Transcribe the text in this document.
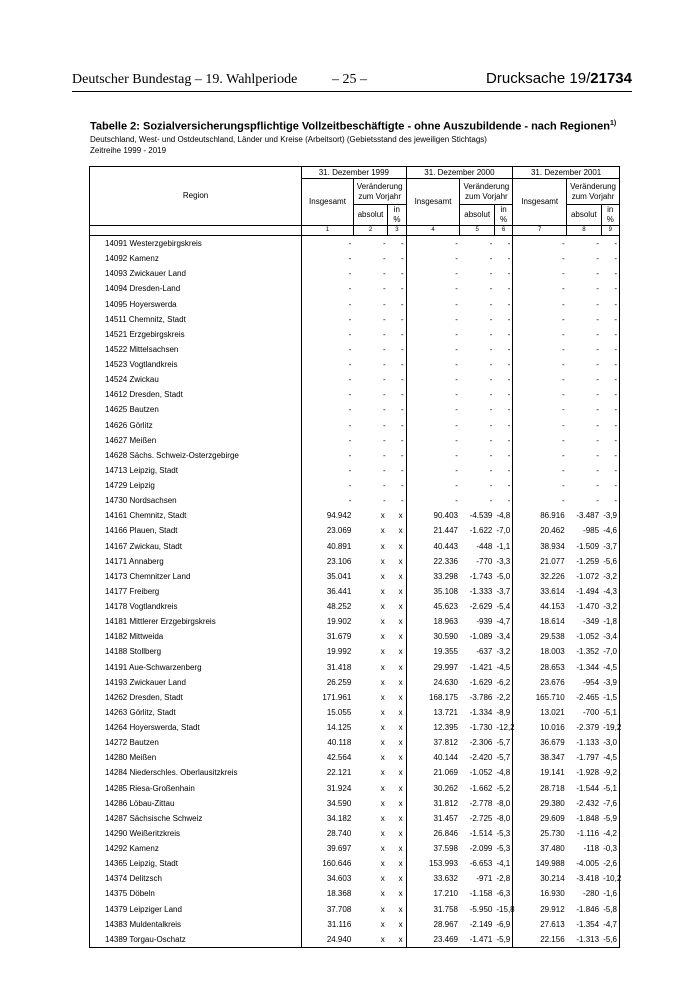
Deutscher Bundestag – 19. Wahlperiode – 25 –	Drucksache 19/21734

Tabelle 2: Sozialversicherungspflichtige Vollzeitbeschäftigte - ohne Auszubildende - nach Regionen$^{1)}$

Deutschland, West- und Ostdeutschland, Länder und Kreise (Arbeitsort) (Gebietsstand des jeweiligen Stichtags)

Zeitreihe 1999 - 2019

Region	31. Dezember 1999			31. Dezember 2000			31. Dezember 2001		
	Insgesamt	Veränderung zum Vorjahr		Insgesamt	Veränderung zum Vorjahr		Insgesamt	Veränderung zum Vorjahr	
		absolut	in %		absolut	in %		absolut	in %
	1	2	3	4	5	6	7	8	9
14091 Westerzgebirgskreis	-	-	-	-	-	-	-	-	-
14092 Kamenz	-	-	-	-	-	-	-	-	-
14093 Zwickauer Land	-	-	-	-	-	-	-	-	-
14094 Dresden-Land	-	-	-	-	-	-	-	-	-
14095 Hoyerswerda	-	-	-	-	-	-	-	-	-
14511 Chemnitz, Stadt	-	-	-	-	-	-	-	-	-
14521 Erzgebirgskreis	-	-	-	-	-	-	-	-	-
14522 Mittelsachsen	-	-	-	-	-	-	-	-	-
14523 Vogtlandkreis	-	-	-	-	-	-	-	-	-
14524 Zwickau	-	-	-	-	-	-	-	-	-
14612 Dresden, Stadt	-	-	-	-	-	-	-	-	-
14625 Bautzen	-	-	-	-	-	-	-	-	-
14626 Görlitz	-	-	-	-	-	-	-	-	-
14627 Meißen	-	-	-	-	-	-	-	-	-
14628 Sächs. Schweiz-Osterzgebirge	-	-	-	-	-	-	-	-	-
14713 Leipzig, Stadt	-	-	-	-	-	-	-	-	-
14729 Leipzig	-	-	-	-	-	-	-	-	-
14730 Nordsachsen	-	-	-	-	-	-	-	-	-
14161 Chemnitz, Stadt	94.942	x	x	90.403	-4.539	-4,8	86.916	-3.487	-3,9
14166 Plauen, Stadt	23.069	x	x	21.447	-1.622	-7,0	20.462	-985	-4,6
14167 Zwickau, Stadt	40.891	x	x	40.443	-448	-1,1	38.934	-1.509	-3,7
14171 Annaberg	23.106	x	x	22.336	-770	-3,3	21.077	-1.259	-5,6
14173 Chemnitzer Land	35.041	x	x	33.298	-1.743	-5,0	32.226	-1.072	-3,2
14177 Freiberg	36.441	x	x	35.108	-1.333	-3,7	33.614	-1.494	-4,3
14178 Vogtlandkreis	48.252	x	x	45.623	-2.629	-5,4	44.153	-1.470	-3,2
14181 Mittlerer Erzgebirgskreis	19.902	x	x	18.963	-939	-4,7	18.614	-349	-1,8
14182 Mittweida	31.679	x	x	30.590	-1.089	-3,4	29.538	-1.052	-3,4
14188 Stollberg	19.992	x	x	19.355	-637	-3,2	18.003	-1.352	-7,0
14191 Aue-Schwarzenberg	31.418	x	x	29.997	-1.421	-4,5	28.653	-1.344	-4,5
14193 Zwickauer Land	26.259	x	x	24.630	-1.629	-6,2	23.676	-954	-3,9
14262 Dresden, Stadt	171.961	x	x	168.175	-3.786	-2,2	165.710	-2.465	-1,5
14263 Görlitz, Stadt	15.055	x	x	13.721	-1.334	-8,9	13.021	-700	-5,1
14264 Hoyerswerda, Stadt	14.125	x	x	12.395	-1.730	-12,2	10.016	-2.379	-19,2
14272 Bautzen	40.118	x	x	37.812	-2.306	-5,7	36.679	-1.133	-3,0
14280 Meißen	42.564	x	x	40.144	-2.420	-5,7	38.347	-1.797	-4,5
14284 Niederschles. Oberlausitzkreis	22.121	x	x	21.069	-1.052	-4,8	19.141	-1.928	-9,2
14285 Riesa-Großenhain	31.924	x	x	30.262	-1.662	-5,2	28.718	-1.544	-5,1
14286 Löbau-Zittau	34.590	x	x	31.812	-2.778	-8,0	29.380	-2.432	-7,6
14287 Sächsische Schweiz	34.182	x	x	31.457	-2.725	-8,0	29.609	-1.848	-5,9
14290 Weißeritzkreis	28.740	x	x	26.846	-1.514	-5,3	25.730	-1.116	-4,2
14292 Kamenz	39.697	x	x	37.598	-2.099	-5,3	37.480	-118	-0,3
14365 Leipzig, Stadt	160.646	x	x	153.993	-6.653	-4,1	149.988	-4.005	-2,6
14374 Delitzsch	34.603	x	x	33.632	-971	-2,8	30.214	-3.418	-10,2
14375 Döbeln	18.368	x	x	17.210	-1.158	-6,3	16.930	-280	-1,6
14379 Leipziger Land	37.708	x	x	31.758	-5.950	-15,8	29.912	-1.846	-5,8
14383 Muldentalkreis	31.116	x	x	28.967	-2.149	-6,9	27.613	-1.354	-4,7
14389 Torgau-Oschatz	24.940	x	x	23.469	-1.471	-5,9	22.156	-1.313	-5,6
